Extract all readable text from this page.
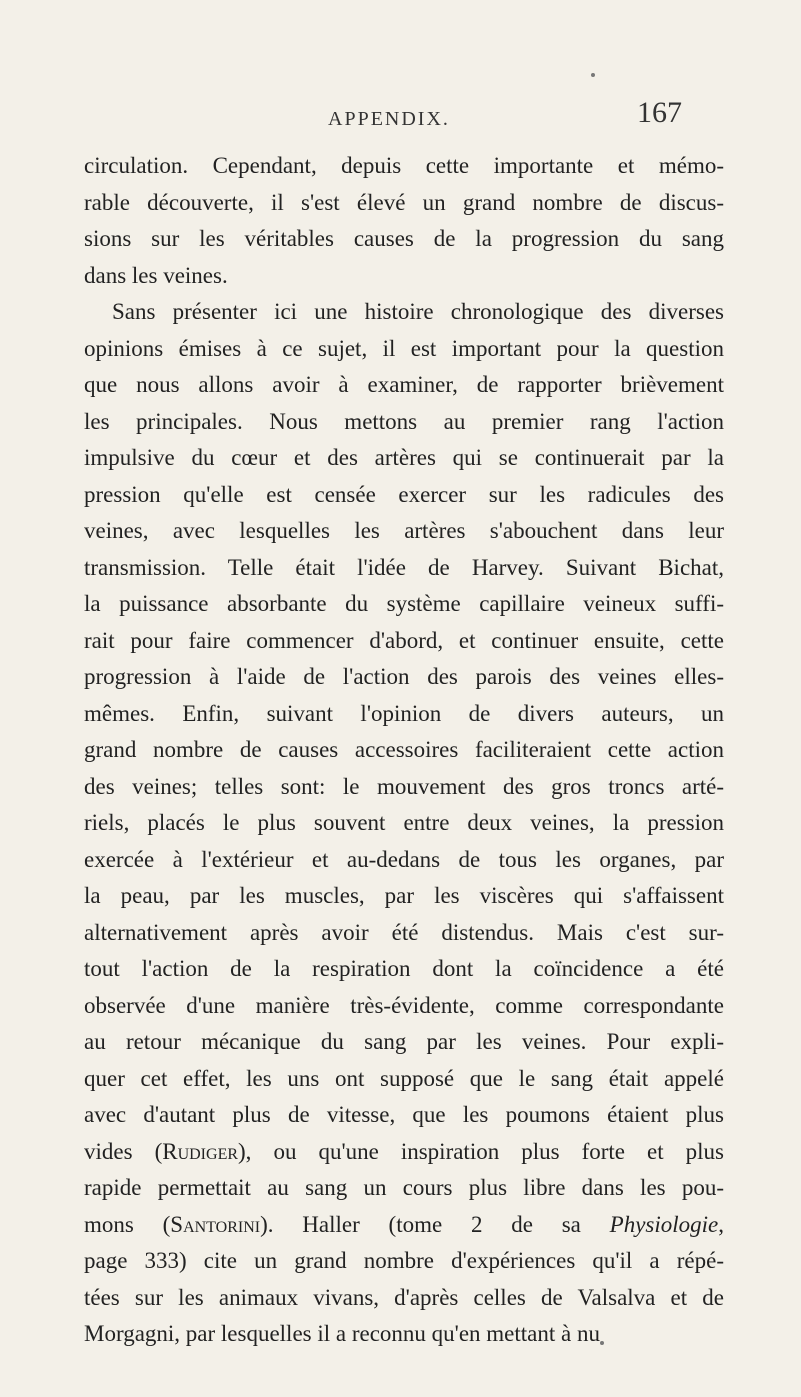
APPENDIX.	167
circulation. Cependant, depuis cette importante et mémo-
rable découverte, il s'est élevé un grand nombre de discus-
sions sur les véritables causes de la progression du sang
dans les veines.
Sans présenter ici une histoire chronologique des diverses
opinions émises à ce sujet, il est important pour la question
que nous allons avoir à examiner, de rapporter brièvement
les principales. Nous mettons au premier rang l'action
impulsive du cœur et des artères qui se continuerait par la
pression qu'elle est censée exercer sur les radicules des
veines, avec lesquelles les artères s'abouchent dans leur
transmission. Telle était l'idée de Harvey. Suivant Bichat,
la puissance absorbante du système capillaire veineux suffi-
rait pour faire commencer d'abord, et continuer ensuite, cette
progression à l'aide de l'action des parois des veines elles-
mêmes. Enfin, suivant l'opinion de divers auteurs, un
grand nombre de causes accessoires faciliteraient cette action
des veines; telles sont: le mouvement des gros troncs arté-
riels, placés le plus souvent entre deux veines, la pression
exercée à l'extérieur et au-dedans de tous les organes, par
la peau, par les muscles, par les viscères qui s'affaissent
alternativement après avoir été distendus. Mais c'est sur-
tout l'action de la respiration dont la coïncidence a été
observée d'une manière très-évidente, comme correspondante
au retour mécanique du sang par les veines. Pour expli-
quer cet effet, les uns ont supposé que le sang était appelé
avec d'autant plus de vitesse, que les poumons étaient plus
vides (Rudiger), ou qu'une inspiration plus forte et plus
rapide permettait au sang un cours plus libre dans les pou-
mons (Santorini). Haller (tome 2 de sa Physiologie,
page 333) cite un grand nombre d'expériences qu'il a répé-
tées sur les animaux vivans, d'après celles de Valsalva et de
Morgagni, par lesquelles il a reconnu qu'en mettant à nu
